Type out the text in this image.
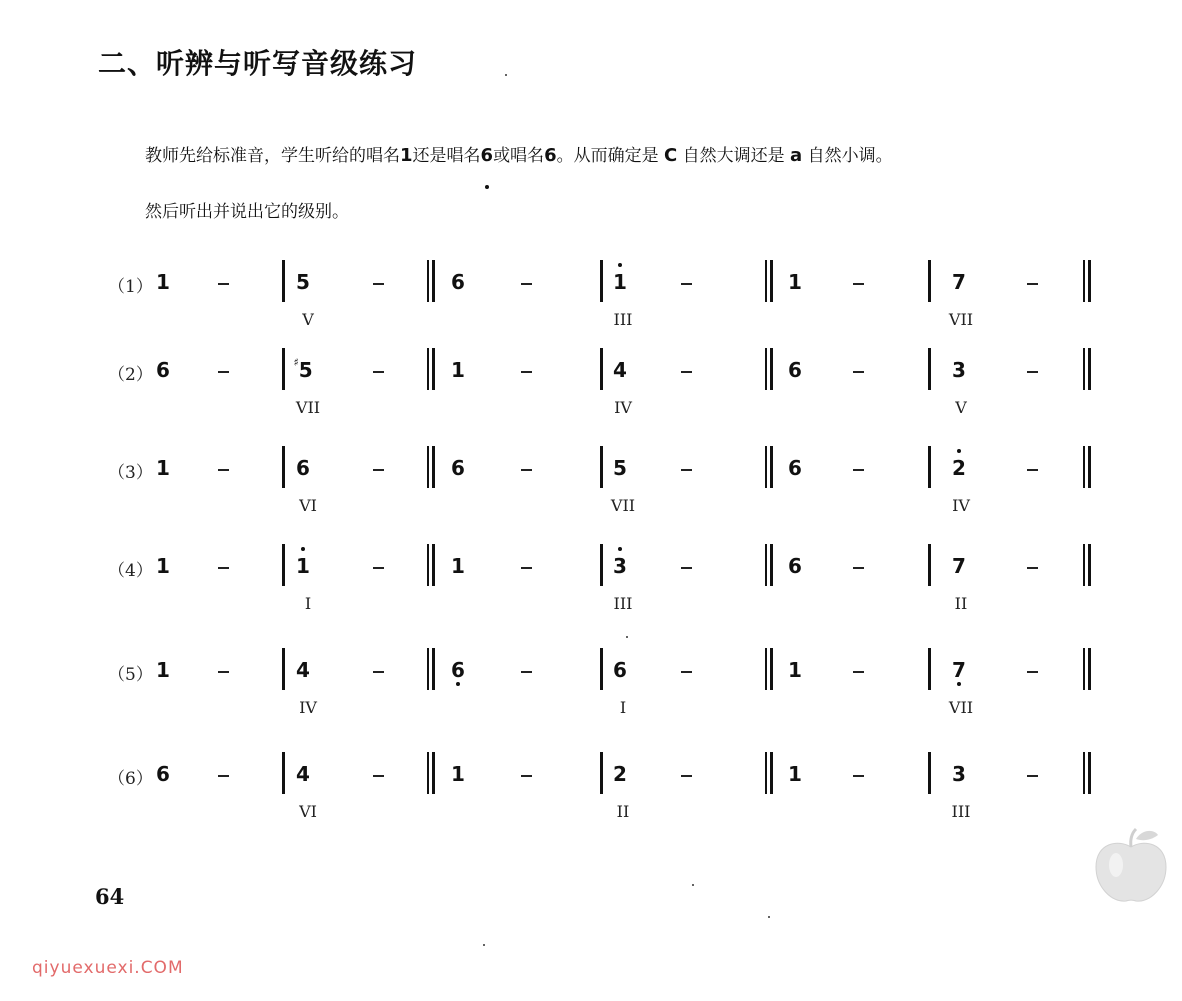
二、听辨与听写音级练习
教师先给标准音，学生听给的唱名1还是唱名6或唱名6。从而确定是 C 自然大调还是 a 自然小调。
然后听出并说出它的级别。
（1） 1	5	6	1	1	7
V	III	VII
（2） 6	♯5	1	4	6	3
VII	IV	V
（3） 1	6	6	5	6	2
VI	VII	IV
（4） 1	1	1	3	6	7
I	III	II
（5） 1	4	6	6	1	7
IV	I	VII
（6） 6	4	1	2	1	3
VI	II	III
64
qiyuexuexi.COM
